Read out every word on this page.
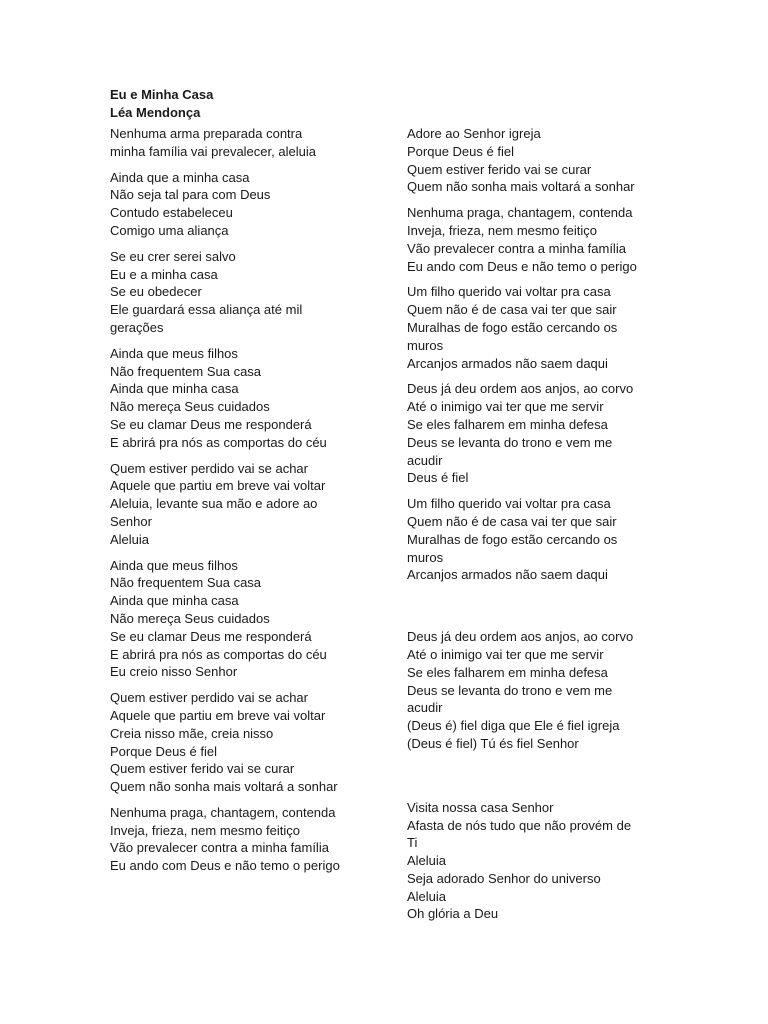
Eu e Minha Casa
Léa Mendonça
Nenhuma arma preparada contra
minha família vai prevalecer, aleluia
Ainda que a minha casa
Não seja tal para com Deus
Contudo estabeleceu
Comigo uma aliança
Se eu crer serei salvo
Eu e a minha casa
Se eu obedecer
Ele guardará essa aliança até mil
gerações
Ainda que meus filhos
Não frequentem Sua casa
Ainda que minha casa
Não mereça Seus cuidados
Se eu clamar Deus me responderá
E abrirá pra nós as comportas do céu
Quem estiver perdido vai se achar
Aquele que partiu em breve vai voltar
Aleluia, levante sua mão e adore ao
Senhor
Aleluia
Ainda que meus filhos
Não frequentem Sua casa
Ainda que minha casa
Não mereça Seus cuidados
Se eu clamar Deus me responderá
E abrirá pra nós as comportas do céu
Eu creio nisso Senhor
Quem estiver perdido vai se achar
Aquele que partiu em breve vai voltar
Creia nisso mãe, creia nisso
Porque Deus é fiel
Quem estiver ferido vai se curar
Quem não sonha mais voltará a sonhar
Nenhuma praga, chantagem, contenda
Inveja, frieza, nem mesmo feitiço
Vão prevalecer contra a minha família
Eu ando com Deus e não temo o perigo
Adore ao Senhor igreja
Porque Deus é fiel
Quem estiver ferido vai se curar
Quem não sonha mais voltará a sonhar
Nenhuma praga, chantagem, contenda
Inveja, frieza, nem mesmo feitiço
Vão prevalecer contra a minha família
Eu ando com Deus e não temo o perigo
Um filho querido vai voltar pra casa
Quem não é de casa vai ter que sair
Muralhas de fogo estão cercando os
muros
Arcanjos armados não saem daqui
Deus já deu ordem aos anjos, ao corvo
Até o inimigo vai ter que me servir
Se eles falharem em minha defesa
Deus se levanta do trono e vem me
acudir
Deus é fiel
Um filho querido vai voltar pra casa
Quem não é de casa vai ter que sair
Muralhas de fogo estão cercando os
muros
Arcanjos armados não saem daqui
Deus já deu ordem aos anjos, ao corvo
Até o inimigo vai ter que me servir
Se eles falharem em minha defesa
Deus se levanta do trono e vem me
acudir
(Deus é) fiel diga que Ele é fiel igreja
(Deus é fiel) Tú és fiel Senhor
Visita nossa casa Senhor
Afasta de nós tudo que não provém de
Ti
Aleluia
Seja adorado Senhor do universo
Aleluia
Oh glória a Deu
